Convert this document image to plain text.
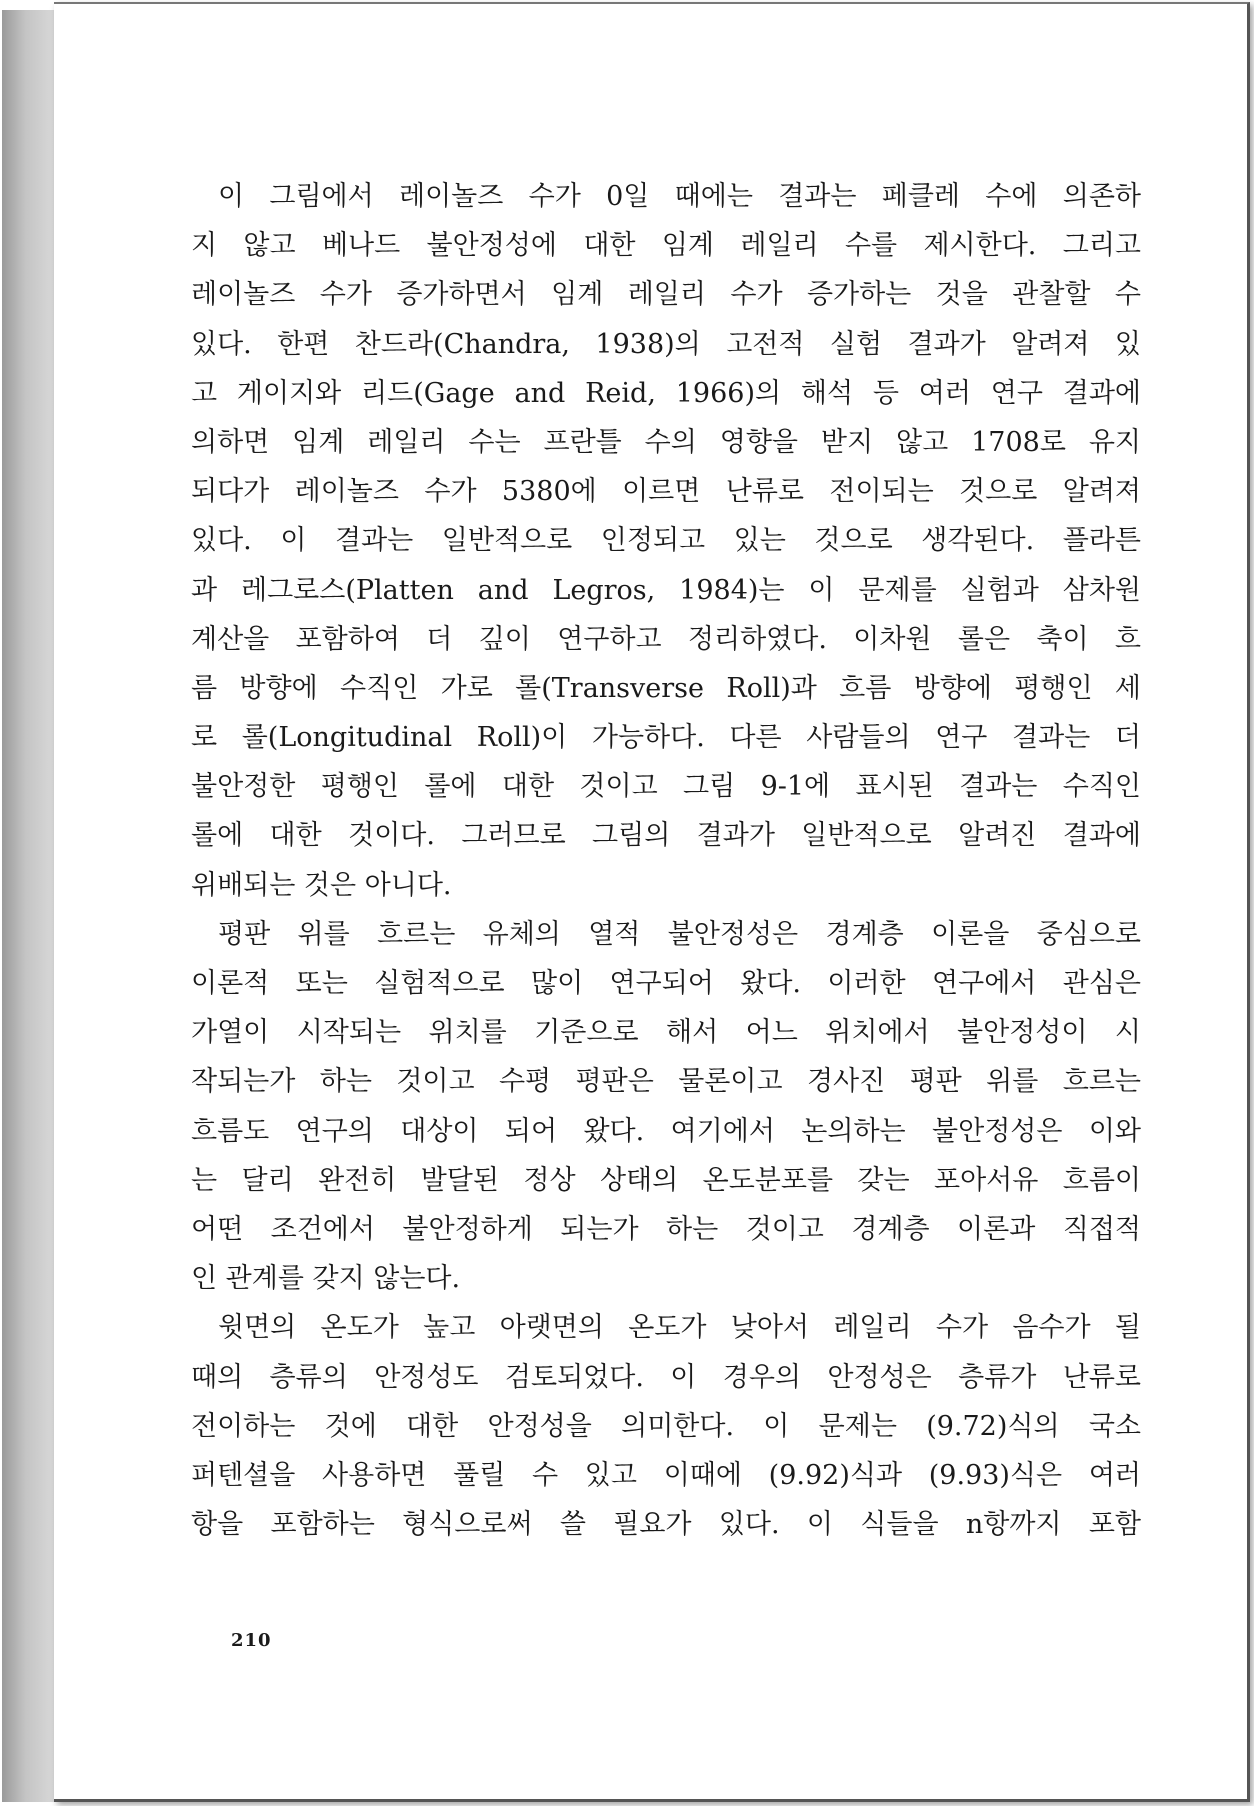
이 그림에서 레이놀즈 수가 0일 때에는 결과는 페클레 수에 의존하
지 않고 베나드 불안정성에 대한 임계 레일리 수를 제시한다. 그리고
레이놀즈 수가 증가하면서 임계 레일리 수가 증가하는 것을 관찰할 수
있다. 한편 찬드라(Chandra, 1938)의 고전적 실험 결과가 알려져 있
고 게이지와 리드(Gage and Reid, 1966)의 해석 등 여러 연구 결과에
의하면 임계 레일리 수는 프란틀 수의 영향을 받지 않고 1708로 유지
되다가 레이놀즈 수가 5380에 이르면 난류로 전이되는 것으로 알려져
있다. 이 결과는 일반적으로 인정되고 있는 것으로 생각된다. 플라튼
과 레그로스(Platten and Legros, 1984)는 이 문제를 실험과 삼차원
계산을 포함하여 더 깊이 연구하고 정리하였다. 이차원 롤은 축이 흐
름 방향에 수직인 가로 롤(Transverse Roll)과 흐름 방향에 평행인 세
로 롤(Longitudinal Roll)이 가능하다. 다른 사람들의 연구 결과는 더
불안정한 평행인 롤에 대한 것이고 그림 9-1에 표시된 결과는 수직인
롤에 대한 것이다. 그러므로 그림의 결과가 일반적으로 알려진 결과에
위배되는 것은 아니다.
평판 위를 흐르는 유체의 열적 불안정성은 경계층 이론을 중심으로
이론적 또는 실험적으로 많이 연구되어 왔다. 이러한 연구에서 관심은
가열이 시작되는 위치를 기준으로 해서 어느 위치에서 불안정성이 시
작되는가 하는 것이고 수평 평판은 물론이고 경사진 평판 위를 흐르는
흐름도 연구의 대상이 되어 왔다. 여기에서 논의하는 불안정성은 이와
는 달리 완전히 발달된 정상 상태의 온도분포를 갖는 포아서유 흐름이
어떤 조건에서 불안정하게 되는가 하는 것이고 경계층 이론과 직접적
인 관계를 갖지 않는다.
윗면의 온도가 높고 아랫면의 온도가 낮아서 레일리 수가 음수가 될
때의 층류의 안정성도 검토되었다. 이 경우의 안정성은 층류가 난류로
전이하는 것에 대한 안정성을 의미한다. 이 문제는 (9.72)식의 국소
퍼텐셜을 사용하면 풀릴 수 있고 이때에 (9.92)식과 (9.93)식은 여러
항을 포함하는 형식으로써 쓸 필요가 있다. 이 식들을 n항까지 포함
210
